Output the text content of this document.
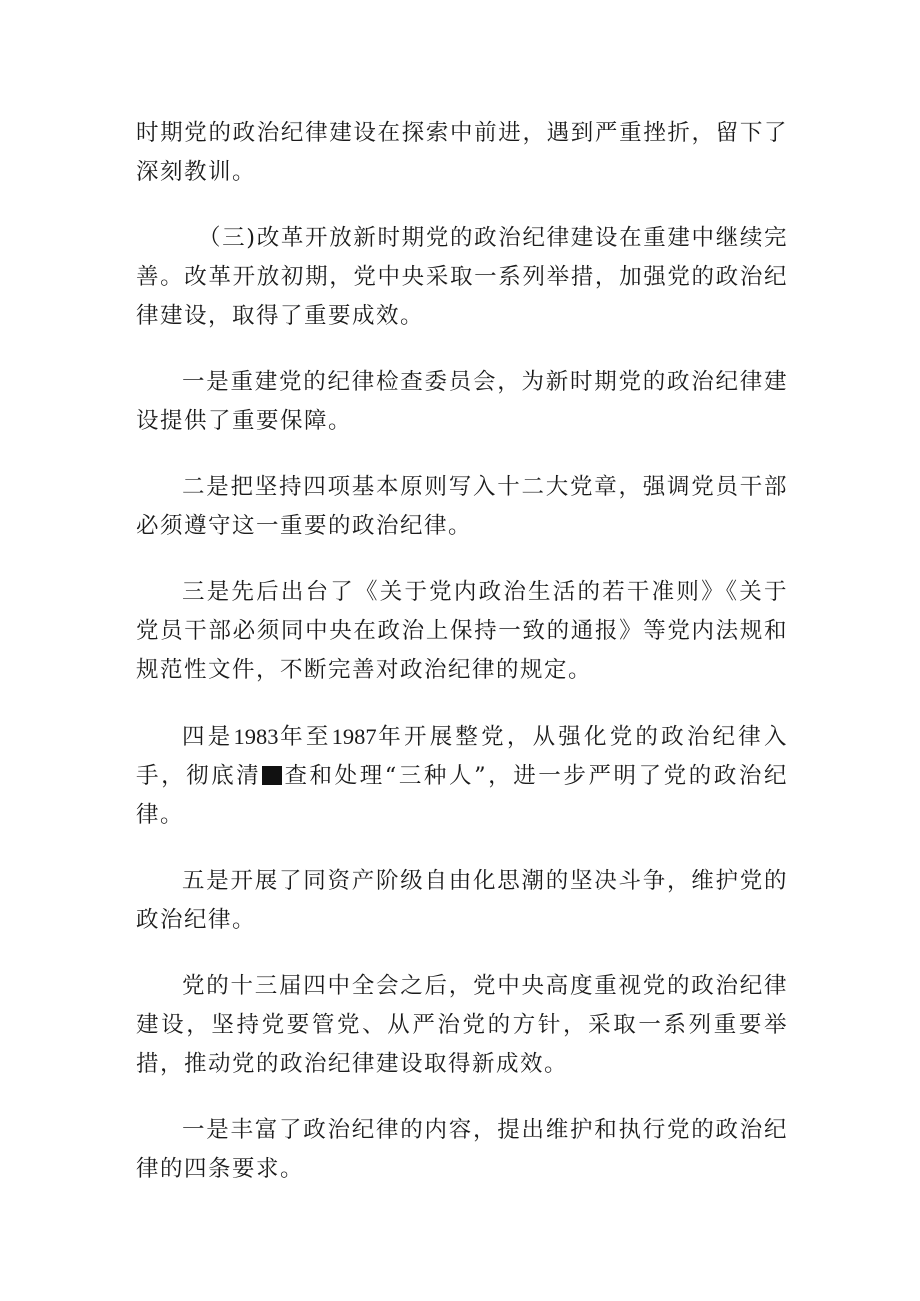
时期党的政治纪律建设在探索中前进，遇到严重挫折，留下了深刻教训。

（三)改革开放新时期党的政治纪律建设在重建中继续完善。改革开放初期，党中央采取一系列举措，加强党的政治纪律建设，取得了重要成效。

一是重建党的纪律检查委员会，为新时期党的政治纪律建设提供了重要保障。

二是把坚持四项基本原则写入十二大党章，强调党员干部必须遵守这一重要的政治纪律。

三是先后出台了《关于党内政治生活的若干准则》《关于党员干部必须同中央在政治上保持一致的通报》等党内法规和规范性文件，不断完善对政治纪律的规定。

四是1983年至1987年开展整党，从强化党的政治纪律入手，彻底清 查和处理“三种人”，进一步严明了党的政治纪律。

五是开展了同资产阶级自由化思潮的坚决斗争，维护党的政治纪律。

党的十三届四中全会之后，党中央高度重视党的政治纪律建设，坚持党要管党、从严治党的方针，采取一系列重要举措，推动党的政治纪律建设取得新成效。

一是丰富了政治纪律的内容，提出维护和执行党的政治纪律的四条要求。
